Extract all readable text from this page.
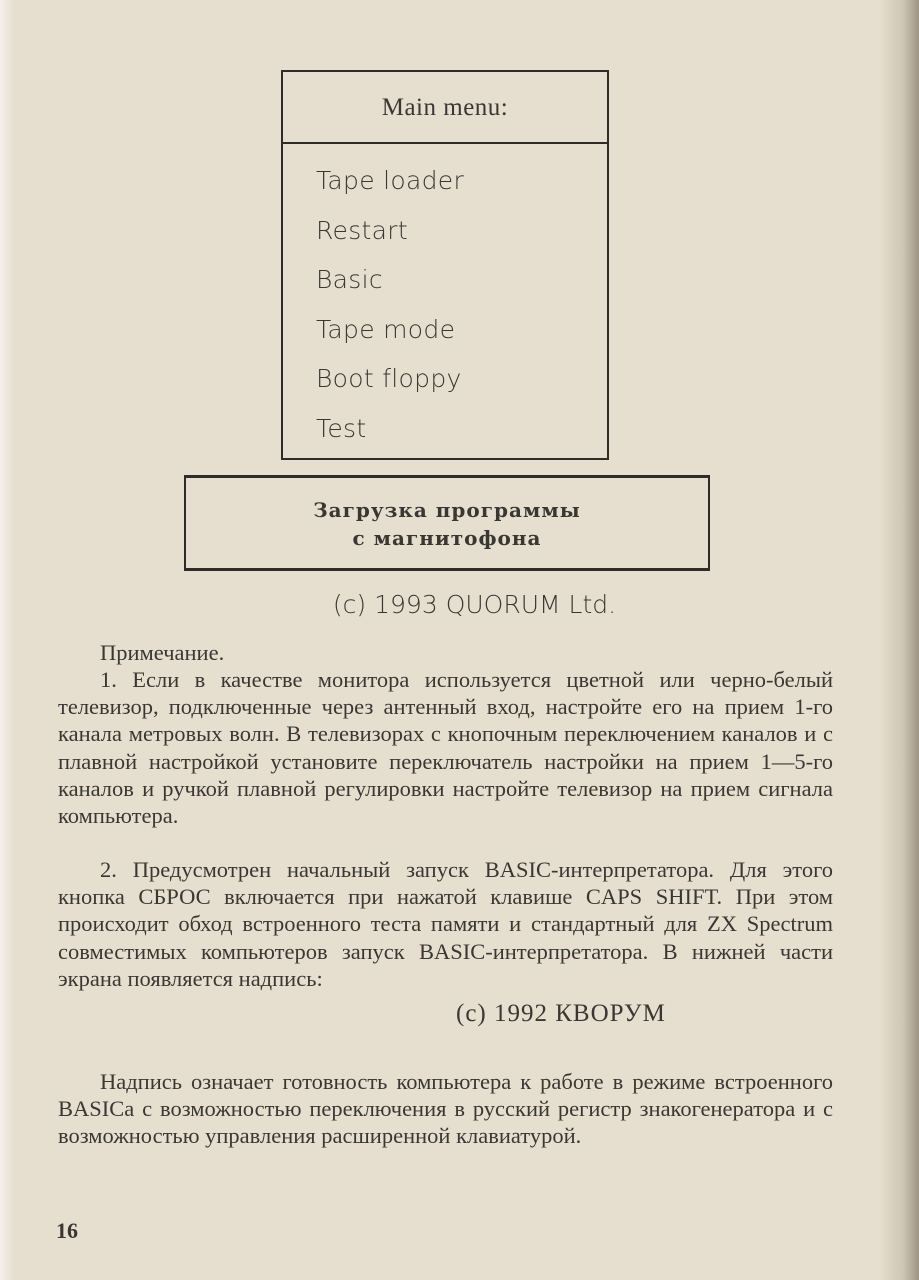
Main menu:
Tape loader
Restart
Basic
Tape mode
Boot floppy
Test
Загрузка программы
с магнитофона
(c) 1993 QUORUM Ltd.
Примечание.
1. Если в качестве монитора используется цветной или черно-белый телевизор, подключенные через антенный вход, настройте его на прием 1-го канала метровых волн. В телевизорах с кнопочным переключением каналов и с плавной настройкой установите переключатель настройки на прием 1—5-го каналов и ручкой плавной регулировки настройте телевизор на прием сигнала компьютера.
2. Предусмотрен начальный запуск BASIC-интерпретатора. Для этого кнопка СБРОС включается при нажатой клавише CAPS SHIFT. При этом происходит обход встроенного теста памяти и стандартный для ZX Spectrum совместимых компьютеров запуск BASIC-интерпретатора. В нижней части экрана появляется надпись:
(c) 1992 КВОРУМ
Надпись означает готовность компьютера к работе в режиме встроенного BASICa с возможностью переключения в русский регистр знакогенератора и с возможностью управления расширенной клавиатурой.
16
